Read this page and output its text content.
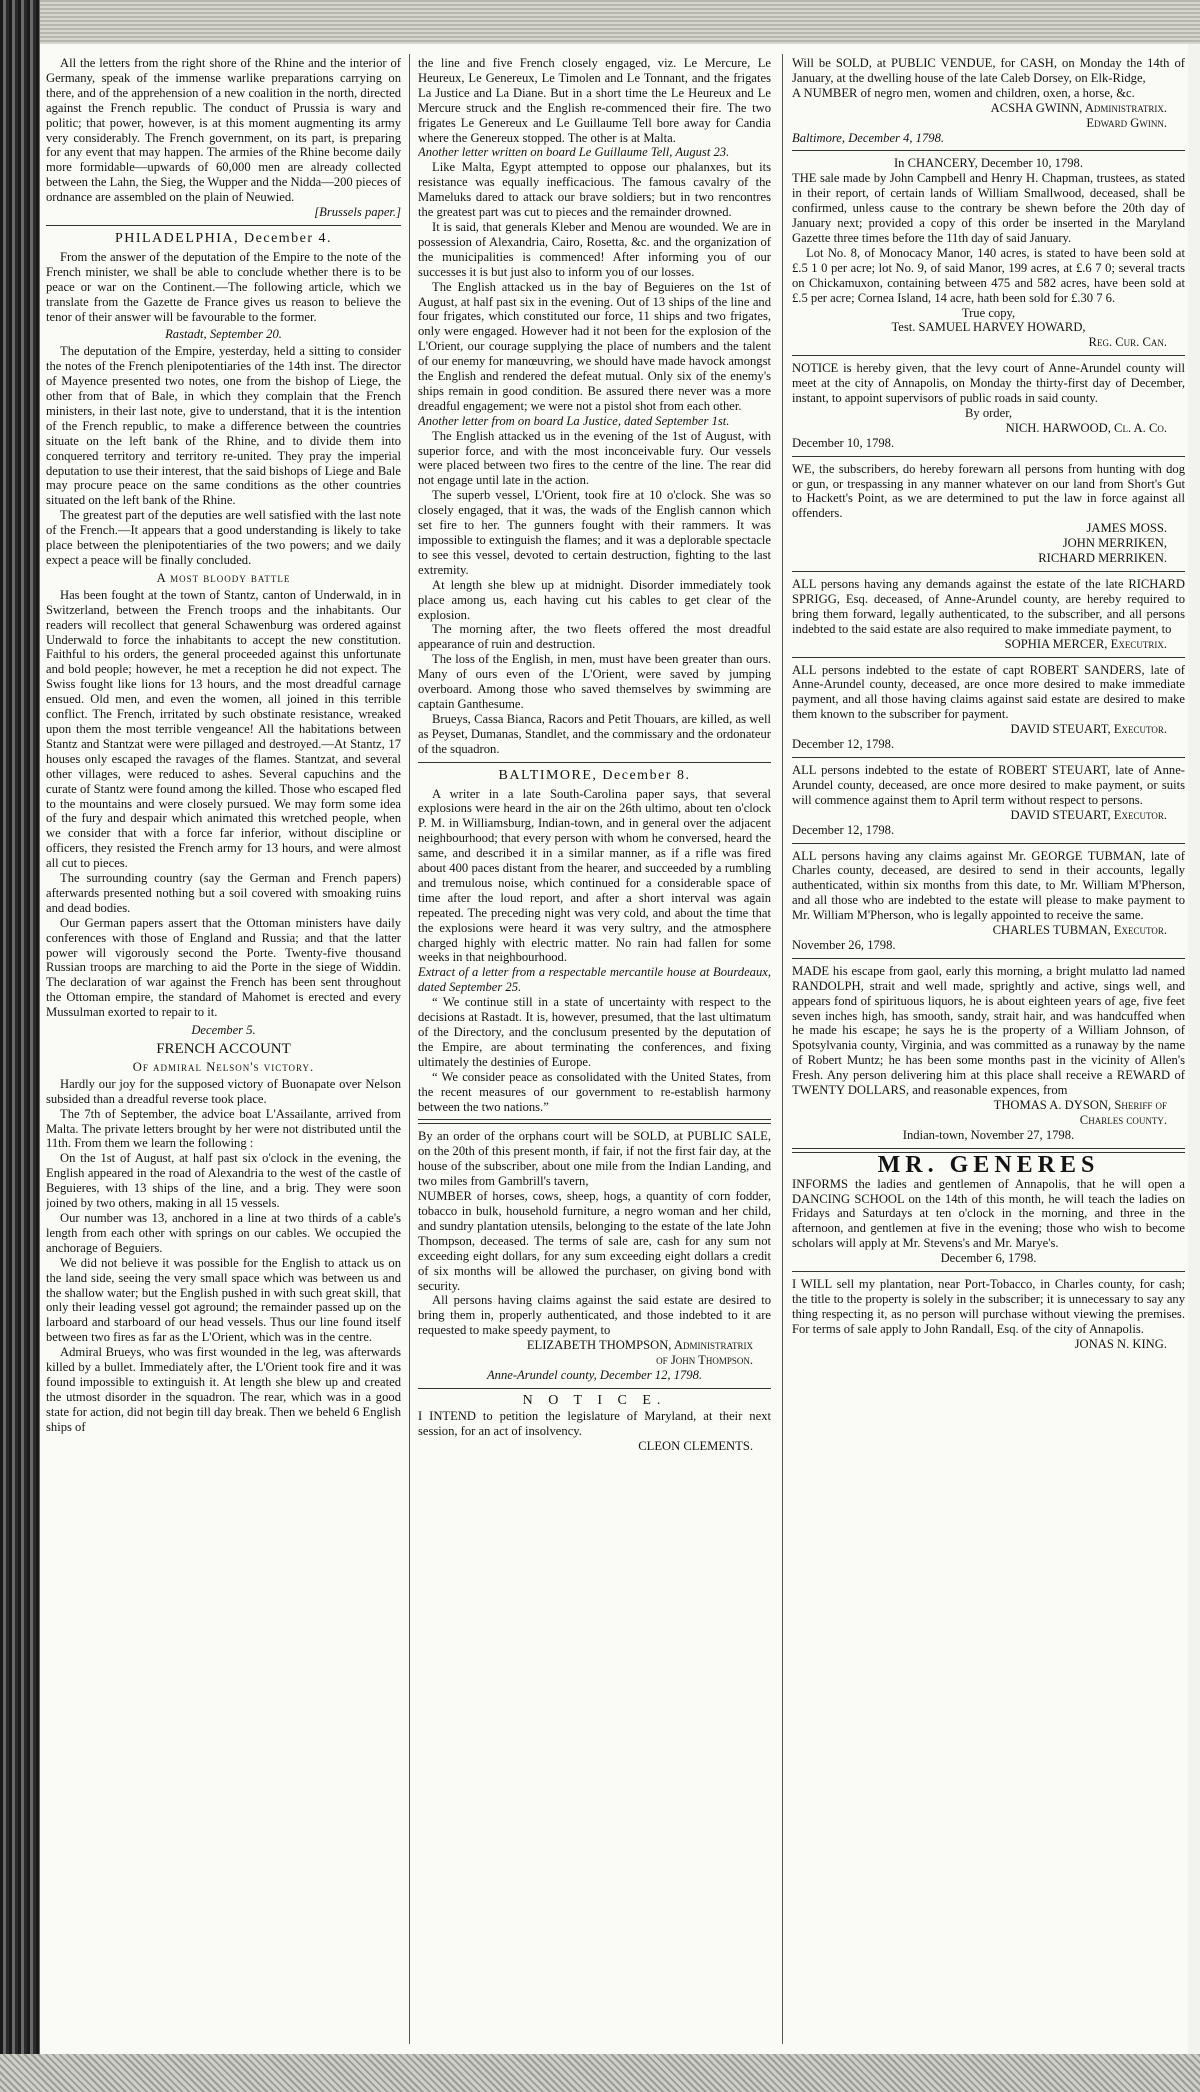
All the letters from the right shore of the Rhine and the interior of Germany, speak of the immense warlike preparations carrying on there, and of the apprehension of a new coalition in the north, directed against the French republic. The conduct of Prussia is wary and politic; that power, however, is at this moment augmenting its army very considerably. The French government, on its part, is preparing for any event that may happen. The armies of the Rhine become daily more formidable—upwards of 60,000 men are already collected between the Lahn, the Sieg, the Wupper and the Nidda—200 pieces of ordnance are assembled on the plain of Neuwied.

[Brussels paper.]

PHILADELPHIA, December 4.

From the answer of the deputation of the Empire to the note of the French minister, we shall be able to conclude whether there is to be peace or war on the Continent.—The following article, which we translate from the Gazette de France gives us reason to believe the tenor of their answer will be favourable to the former.

Rastadt, September 20.

The deputation of the Empire, yesterday, held a sitting to consider the notes of the French plenipotentiaries of the 14th inst. The director of Mayence presented two notes, one from the bishop of Liege, the other from that of Bale, in which they complain that the French ministers, in their last note, give to understand, that it is the intention of the French republic, to make a difference between the countries situate on the left bank of the Rhine, and to divide them into conquered territory and territory re-united. They pray the imperial deputation to use their interest, that the said bishops of Liege and Bale may procure peace on the same conditions as the other countries situated on the left bank of the Rhine.

The greatest part of the deputies are well satisfied with the last note of the French.—It appears that a good understanding is likely to take place between the plenipotentiaries of the two powers; and we daily expect a peace will be finally concluded.

A most bloody battle

Has been fought at the town of Stantz, canton of Underwald, in in Switzerland, between the French troops and the inhabitants. Our readers will recollect that general Schawenburg was ordered against Underwald to force the inhabitants to accept the new constitution. Faithful to his orders, the general proceeded against this unfortunate and bold people; however, he met a reception he did not expect. The Swiss fought like lions for 13 hours, and the most dreadful carnage ensued. Old men, and even the women, all joined in this terrible conflict. The French, irritated by such obstinate resistance, wreaked upon them the most terrible vengeance! All the habitations between Stantz and Stantzat were were pillaged and destroyed.—At Stantz, 17 houses only escaped the ravages of the flames. Stantzat, and several other villages, were reduced to ashes. Several capuchins and the curate of Stantz were found among the killed. Those who escaped fled to the mountains and were closely pursued. We may form some idea of the fury and despair which animated this wretched people, when we consider that with a force far inferior, without discipline or officers, they resisted the French army for 13 hours, and were almost all cut to pieces.

The surrounding country (say the German and French papers) afterwards presented nothing but a soil covered with smoaking ruins and dead bodies.

Our German papers assert that the Ottoman ministers have daily conferences with those of England and Russia; and that the latter power will vigorously second the Porte. Twenty-five thousand Russian troops are marching to aid the Porte in the siege of Widdin. The declaration of war against the French has been sent throughout the Ottoman empire, the standard of Mahomet is erected and every Mussulman exorted to repair to it.

December 5.

FRENCH ACCOUNT

Of admiral Nelson's victory.

Hardly our joy for the supposed victory of Buonapate over Nelson subsided than a dreadful reverse took place.

The 7th of September, the advice boat L'Assailante, arrived from Malta. The private letters brought by her were not distributed until the 11th. From them we learn the following :

On the 1st of August, at half past six o'clock in the evening, the English appeared in the road of Alexandria to the west of the castle of Beguieres, with 13 ships of the line, and a brig. They were soon joined by two others, making in all 15 vessels.

Our number was 13, anchored in a line at two thirds of a cable's length from each other with springs on our cables. We occupied the anchorage of Beguiers.

We did not believe it was possible for the English to attack us on the land side, seeing the very small space which was between us and the shallow water; but the English pushed in with such great skill, that only their leading vessel got aground; the remainder passed up on the larboard and starboard of our head vessels. Thus our line found itself between two fires as far as the L'Orient, which was in the centre.

Admiral Brueys, who was first wounded in the leg, was afterwards killed by a bullet. Immediately after, the L'Orient took fire and it was found impossible to extinguish it. At length she blew up and created the utmost disorder in the squadron. The rear, which was in a good state for action, did not begin till day break. Then we beheld 6 English ships of

the line and five French closely engaged, viz. Le Mercure, Le Heureux, Le Genereux, Le Timolen and Le Tonnant, and the frigates La Justice and La Diane. But in a short time the Le Heureux and Le Mercure struck and the English re-commenced their fire. The two frigates Le Genereux and Le Guillaume Tell bore away for Candia where the Genereux stopped. The other is at Malta.

Another letter written on board Le Guillaume Tell, August 23.

Like Malta, Egypt attempted to oppose our phalanxes, but its resistance was equally inefficacious. The famous cavalry of the Mameluks dared to attack our brave soldiers; but in two rencontres the greatest part was cut to pieces and the remainder drowned.

It is said, that generals Kleber and Menou are wounded. We are in possession of Alexandria, Cairo, Rosetta, &c. and the organization of the municipalities is commenced! After informing you of our successes it is but just also to inform you of our losses.

The English attacked us in the bay of Beguieres on the 1st of August, at half past six in the evening. Out of 13 ships of the line and four frigates, which constituted our force, 11 ships and two frigates, only were engaged. However had it not been for the explosion of the L'Orient, our courage supplying the place of numbers and the talent of our enemy for manœuvring, we should have made havock amongst the English and rendered the defeat mutual. Only six of the enemy's ships remain in good condition. Be assured there never was a more dreadful engagement; we were not a pistol shot from each other.

Another letter from on board La Justice, dated September 1st.

The English attacked us in the evening of the 1st of August, with superior force, and with the most inconceivable fury. Our vessels were placed between two fires to the centre of the line. The rear did not engage until late in the action.

The superb vessel, L'Orient, took fire at 10 o'clock. She was so closely engaged, that it was, the wads of the English cannon which set fire to her. The gunners fought with their rammers. It was impossible to extinguish the flames; and it was a deplorable spectacle to see this vessel, devoted to certain destruction, fighting to the last extremity.

At length she blew up at midnight. Disorder immediately took place among us, each having cut his cables to get clear of the explosion.

The morning after, the two fleets offered the most dreadful appearance of ruin and destruction.

The loss of the English, in men, must have been greater than ours. Many of ours even of the L'Orient, were saved by jumping overboard. Among those who saved themselves by swimming are captain Ganthesume.

Brueys, Cassa Bianca, Racors and Petit Thouars, are killed, as well as Peyset, Dumanas, Standlet, and the commissary and the ordonateur of the squadron.

BALTIMORE, December 8.

A writer in a late South-Carolina paper says, that several explosions were heard in the air on the 26th ultimo, about ten o'clock P. M. in Williamsburg, Indian-town, and in general over the adjacent neighbourhood; that every person with whom he conversed, heard the same, and described it in a similar manner, as if a rifle was fired about 400 paces distant from the hearer, and succeeded by a rumbling and tremulous noise, which continued for a considerable space of time after the loud report, and after a short interval was again repeated. The preceding night was very cold, and about the time that the explosions were heard it was very sultry, and the atmosphere charged highly with electric matter. No rain had fallen for some weeks in that neighbourhood.

Extract of a letter from a respectable mercantile house at Bourdeaux, dated September 25.

“ We continue still in a state of uncertainty with respect to the decisions at Rastadt. It is, however, presumed, that the last ultimatum of the Directory, and the conclusum presented by the deputation of the Empire, are about terminating the conferences, and fixing ultimately the destinies of Europe.

“ We consider peace as consolidated with the United States, from the recent measures of our government to re-establish harmony between the two nations.”

By an order of the orphans court will be SOLD, at PUBLIC SALE, on the 20th of this present month, if fair, if not the first fair day, at the house of the subscriber, about one mile from the Indian Landing, and two miles from Gambrill's tavern,

NUMBER of horses, cows, sheep, hogs, a quantity of corn fodder, tobacco in bulk, household furniture, a negro woman and her child, and sundry plantation utensils, belonging to the estate of the late John Thompson, deceased. The terms of sale are, cash for any sum not exceeding eight dollars, for any sum exceeding eight dollars a credit of six months will be allowed the purchaser, on giving bond with security.

All persons having claims against the said estate are desired to bring them in, properly authenticated, and those indebted to it are requested to make speedy payment, to

ELIZABETH THOMPSON, Administratrix

of John Thompson.

Anne-Arundel county, December 12, 1798.

N O T I C E.

I INTEND to petition the legislature of Maryland, at their next session, for an act of insolvency.

CLEON CLEMENTS.

Will be SOLD, at PUBLIC VENDUE, for CASH, on Monday the 14th of January, at the dwelling house of the late Caleb Dorsey, on Elk-Ridge,

A NUMBER of negro men, women and children, oxen, a horse, &c.

ACSHA GWINN, Administratrix.

Edward Gwinn.

Baltimore, December 4, 1798.

In CHANCERY, December 10, 1798.

THE sale made by John Campbell and Henry H. Chapman, trustees, as stated in their report, of certain lands of William Smallwood, deceased, shall be confirmed, unless cause to the contrary be shewn before the 20th day of January next; provided a copy of this order be inserted in the Maryland Gazette three times before the 11th day of said January.

Lot No. 8, of Monocacy Manor, 140 acres, is stated to have been sold at £.5 1 0 per acre; lot No. 9, of said Manor, 199 acres, at £.6 7 0; several tracts on Chickamuxon, containing between 475 and 582 acres, have been sold at £.5 per acre; Cornea Island, 14 acre, hath been sold for £.30 7 6.

True copy,

Test. SAMUEL HARVEY HOWARD,

Reg. Cur. Can.

NOTICE is hereby given, that the levy court of Anne-Arundel county will meet at the city of Annapolis, on Monday the thirty-first day of December, instant, to appoint supervisors of public roads in said county.

By order,

NICH. HARWOOD, Cl. A. Co.

December 10, 1798.

WE, the subscribers, do hereby forewarn all persons from hunting with dog or gun, or trespassing in any manner whatever on our land from Short's Gut to Hackett's Point, as we are determined to put the law in force against all offenders.

JAMES MOSS.

JOHN MERRIKEN,

RICHARD MERRIKEN.

ALL persons having any demands against the estate of the late RICHARD SPRIGG, Esq. deceased, of Anne-Arundel county, are hereby required to bring them forward, legally authenticated, to the subscriber, and all persons indebted to the said estate are also required to make immediate payment, to

SOPHIA MERCER, Executrix.

ALL persons indebted to the estate of capt ROBERT SANDERS, late of Anne-Arundel county, deceased, are once more desired to make immediate payment, and all those having claims against said estate are desired to make them known to the subscriber for payment.

DAVID STEUART, Executor.

December 12, 1798.

ALL persons indebted to the estate of ROBERT STEUART, late of Anne-Arundel county, deceased, are once more desired to make payment, or suits will commence against them to April term without respect to persons.

DAVID STEUART, Executor.

December 12, 1798.

ALL persons having any claims against Mr. GEORGE TUBMAN, late of Charles county, deceased, are desired to send in their accounts, legally authenticated, within six months from this date, to Mr. William M'Pherson, and all those who are indebted to the estate will please to make payment to Mr. William M'Pherson, who is legally appointed to receive the same.

CHARLES TUBMAN, Executor.

November 26, 1798.

MADE his escape from gaol, early this morning, a bright mulatto lad named RANDOLPH, strait and well made, sprightly and active, sings well, and appears fond of spirituous liquors, he is about eighteen years of age, five feet seven inches high, has smooth, sandy, strait hair, and was handcuffed when he made his escape; he says he is the property of a William Johnson, of Spotsylvania county, Virginia, and was committed as a runaway by the name of Robert Muntz; he has been some months past in the vicinity of Allen's Fresh. Any person delivering him at this place shall receive a REWARD of TWENTY DOLLARS, and reasonable expences, from

THOMAS A. DYSON, Sheriff of

Charles county.

Indian-town, November 27, 1798.

MR. GENERES

INFORMS the ladies and gentlemen of Annapolis, that he will open a DANCING SCHOOL on the 14th of this month, he will teach the ladies on Fridays and Saturdays at ten o'clock in the morning, and three in the afternoon, and gentlemen at five in the evening; those who wish to become scholars will apply at Mr. Stevens's and Mr. Marye's.

December 6, 1798.

I WILL sell my plantation, near Port-Tobacco, in Charles county, for cash; the title to the property is solely in the subscriber; it is unnecessary to say any thing respecting it, as no person will purchase without viewing the premises. For terms of sale apply to John Randall, Esq. of the city of Annapolis.

JONAS N. KING.
